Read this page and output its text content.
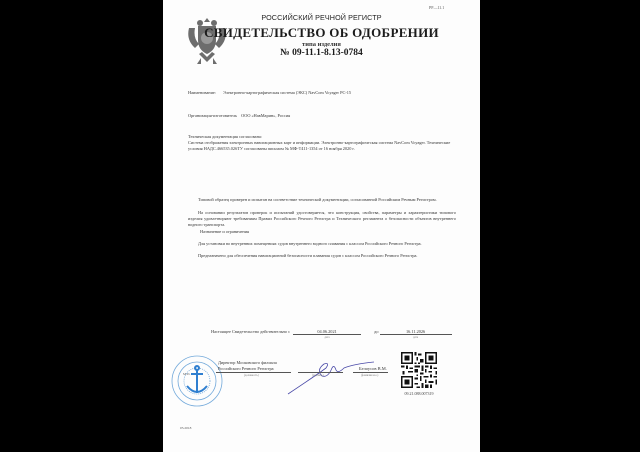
РР—11.1
РОССИЙСКИЙ РЕЧНОЙ РЕГИСТР
СВИДЕТЕЛЬСТВО ОБ ОДОБРЕНИИ
типа изделия
№ 09-11.1-8.13-0784
Наименование: Электронно-картографическая система (ЭКС) NavCom Voyager PC-15
Организация-изготовитель ООО «НавМарин», Россия
Техническая документация согласована:
Система отображения электронных навигационных карт и информации. Электронно-картографическая система NavCom Voyager. Технические условия НАДС.466535.026ТУ согласованы письмом № МФ-Т411-1354 от 16 ноября 2020 г.
Типовой образец проверен и испытан на соответствие технической документации, согласованной Российским Речным Регистром.
На основании результатов проверок и испытаний удостоверяется, что конструкция, свойства, параметры и характеристики типового изделия удовлетворяют требованиям Правил Российского Речного Регистра и Технического регламента о безопасности объектов внутреннего водного транспорта.
Назначение и ограничения
Для установки во внутренних помещениях судов внутреннего водного плавания с классом Российского Речного Регистра.
Предназначено для обеспечения навигационной безопасности плавания судов с классом Российского Речного Регистра.
Настоящее Свидетельство действительно с	04.06.2021
дата
до	16.11.2026
дата
М.П.
Директор Московского филиала
Российского Речного Регистра
(должность)	(подпись)
Белоусов В.М.
(фамилия и.о.)
09.21.088.007319
05.2018
